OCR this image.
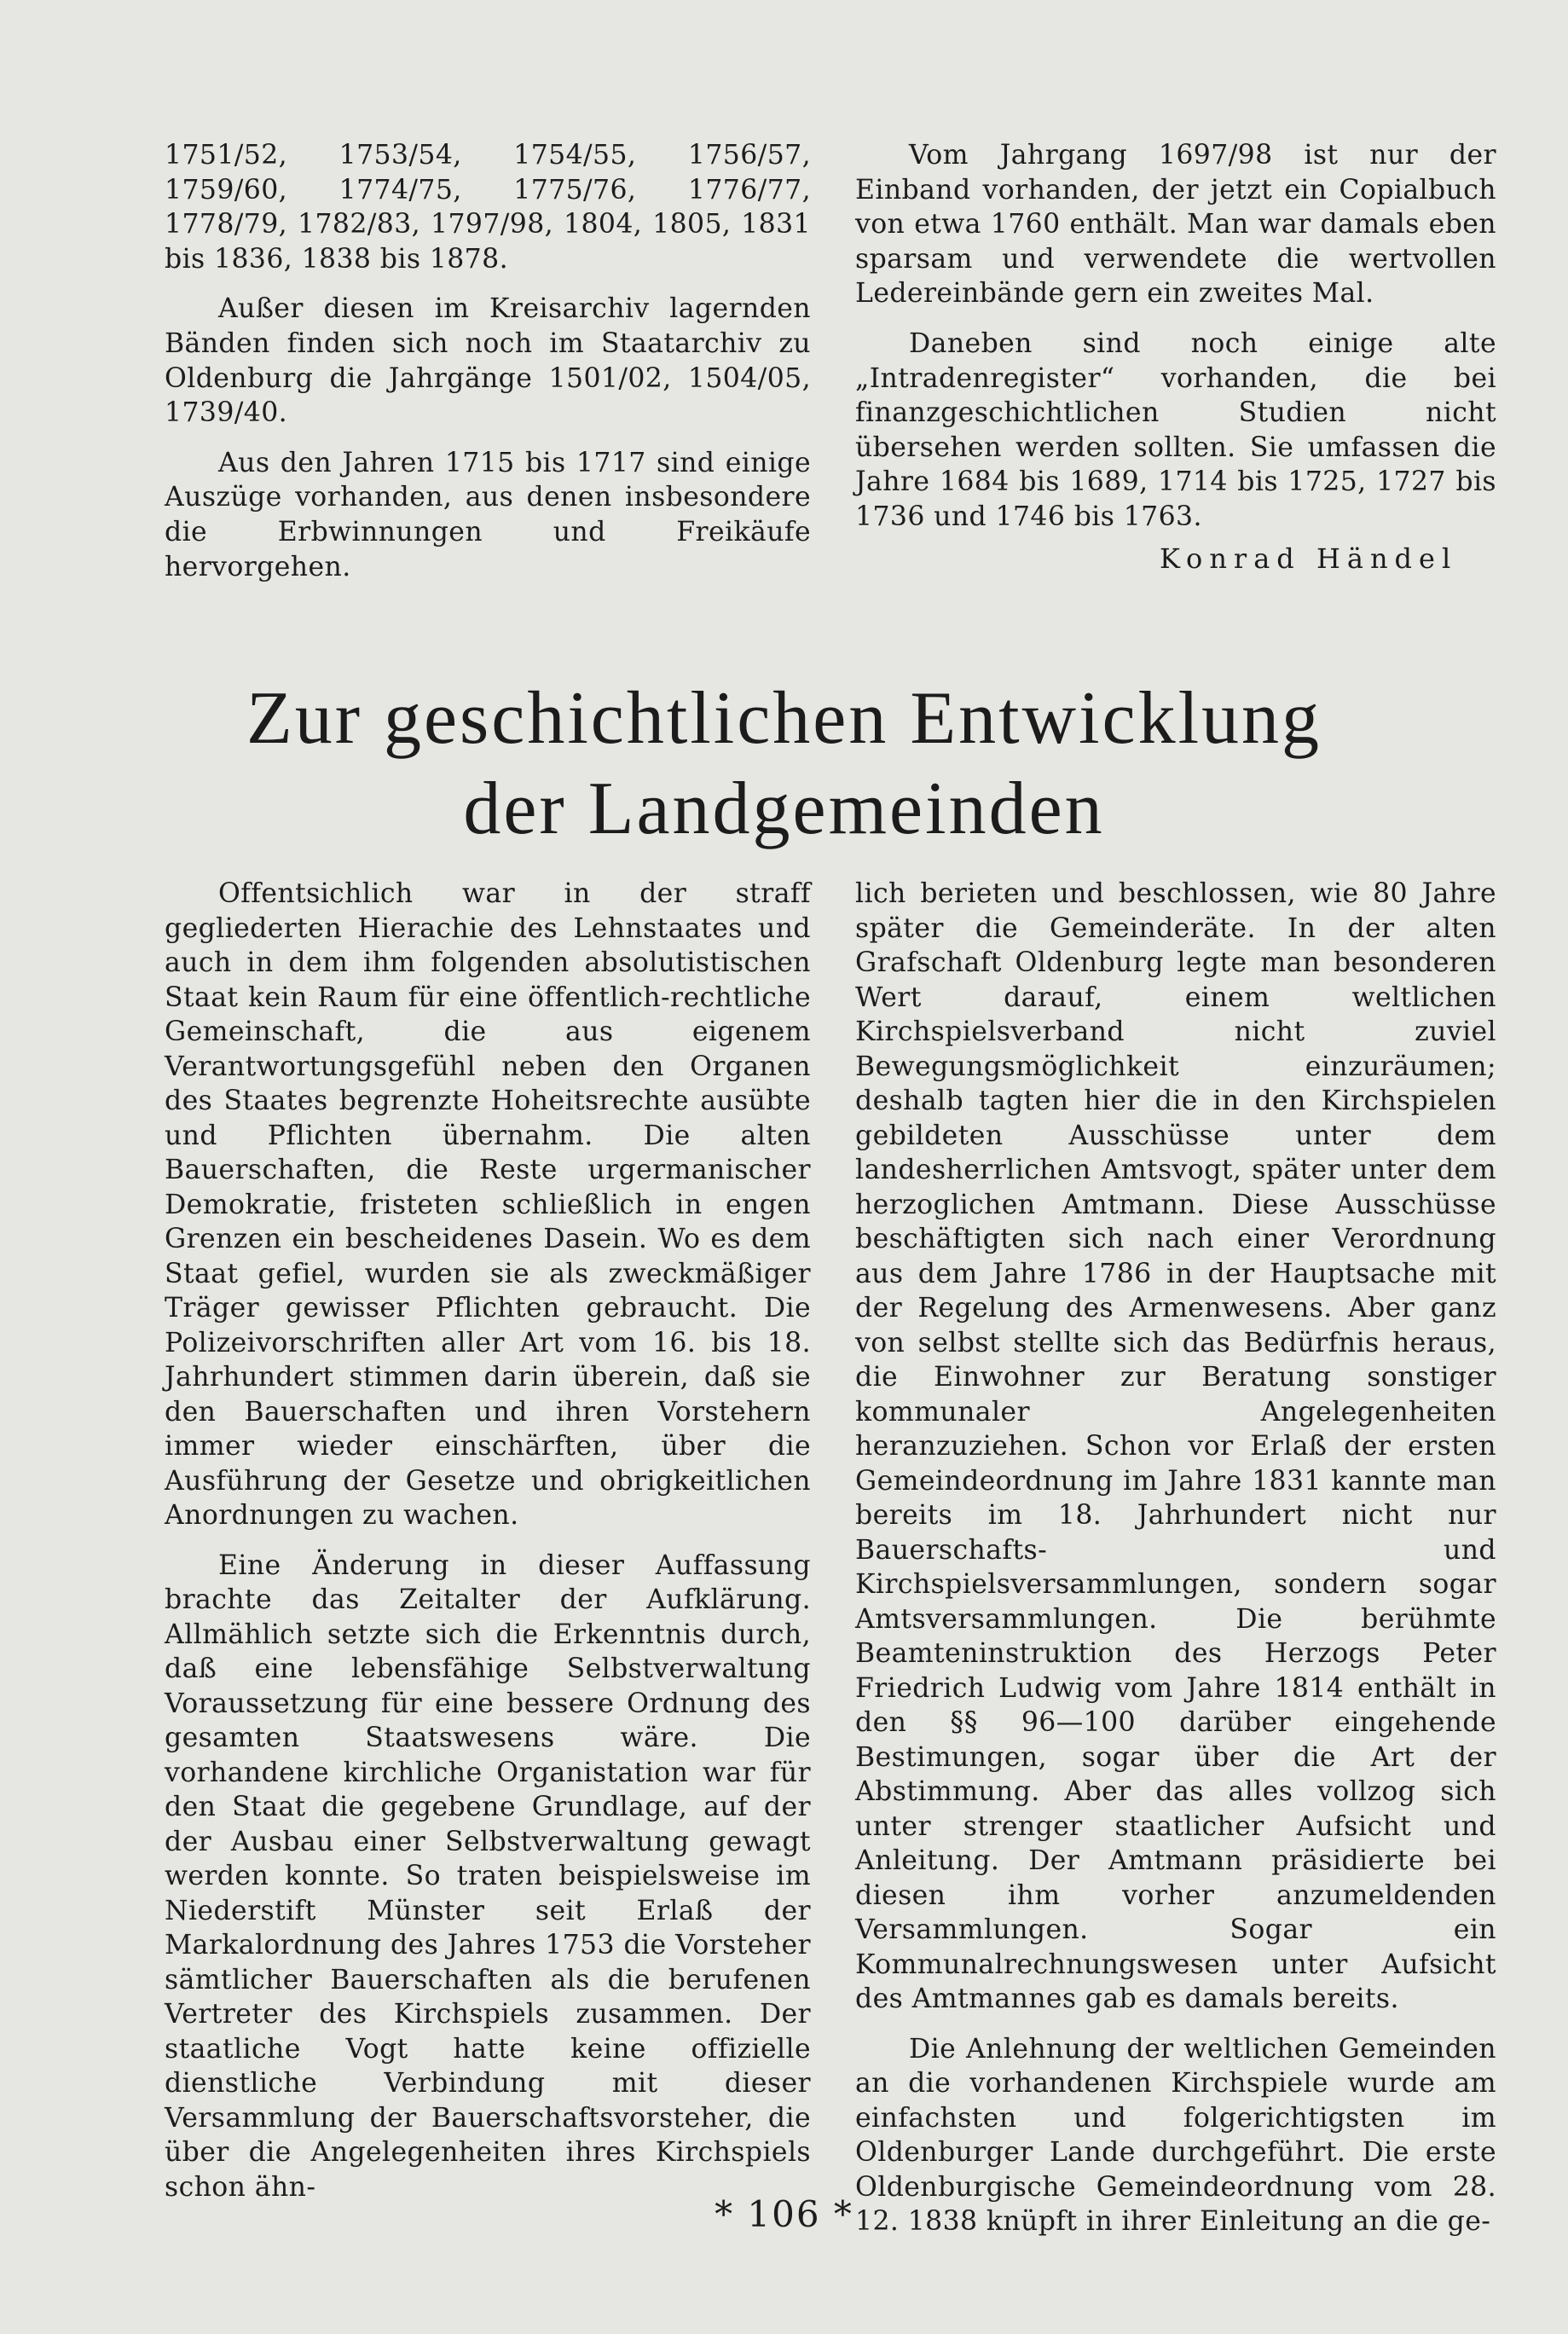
1751/52, 1753/54, 1754/55, 1756/57, 1759/60, 1774/75, 1775/76, 1776/77, 1778/79, 1782/83, 1797/98, 1804, 1805, 1831 bis 1836, 1838 bis 1878.

Außer diesen im Kreisarchiv lagernden Bänden finden sich noch im Staatarchiv zu Oldenburg die Jahrgänge 1501/02, 1504/05, 1739/40.

Aus den Jahren 1715 bis 1717 sind einige Auszüge vorhanden, aus denen insbesondere die Erbwinnungen und Freikäufe hervorgehen.

Vom Jahrgang 1697/98 ist nur der Einband vorhanden, der jetzt ein Copialbuch von etwa 1760 enthält. Man war damals eben sparsam und verwendete die wertvollen Ledereinbände gern ein zweites Mal.

Daneben sind noch einige alte „Intradenregister“ vorhanden, die bei finanzgeschichtlichen Studien nicht übersehen werden sollten. Sie umfassen die Jahre 1684 bis 1689, 1714 bis 1725, 1727 bis 1736 und 1746 bis 1763.

Konrad Händel
Zur geschichtlichen Entwicklung
der Landgemeinden

Offentsichlich war in der straff gegliederten Hierachie des Lehnstaates und auch in dem ihm folgenden absolutistischen Staat kein Raum für eine öffentlich-rechtliche Gemeinschaft, die aus eigenem Verantwortungsgefühl neben den Organen des Staates begrenzte Hoheitsrechte ausübte und Pflichten übernahm. Die alten Bauerschaften, die Reste urgermanischer Demokratie, fristeten schließlich in engen Grenzen ein bescheidenes Dasein. Wo es dem Staat gefiel, wurden sie als zweckmäßiger Träger gewisser Pflichten gebraucht. Die Polizeivorschriften aller Art vom 16. bis 18. Jahrhundert stimmen darin überein, daß sie den Bauerschaften und ihren Vorstehern immer wieder einschärften, über die Ausführung der Gesetze und obrigkeitlichen Anordnungen zu wachen.

Eine Änderung in dieser Auffassung brachte das Zeitalter der Aufklärung. Allmählich setzte sich die Erkenntnis durch, daß eine lebensfähige Selbstverwaltung Voraussetzung für eine bessere Ordnung des gesamten Staatswesens wäre. Die vorhandene kirchliche Organistation war für den Staat die gegebene Grundlage, auf der der Ausbau einer Selbstverwaltung gewagt werden konnte. So traten beispielsweise im Niederstift Münster seit Erlaß der Markalordnung des Jahres 1753 die Vorsteher sämtlicher Bauerschaften als die berufenen Vertreter des Kirchspiels zusammen. Der staatliche Vogt hatte keine offizielle dienstliche Verbindung mit dieser Versammlung der Bauerschaftsvorsteher, die über die Angelegenheiten ihres Kirchspiels schon ähn-

lich berieten und beschlossen, wie 80 Jahre später die Gemeinderäte. In der alten Grafschaft Oldenburg legte man besonderen Wert darauf, einem weltlichen Kirchspielsverband nicht zuviel Bewegungsmöglichkeit einzuräumen; deshalb tagten hier die in den Kirchspielen gebildeten Ausschüsse unter dem landesherrlichen Amtsvogt, später unter dem herzoglichen Amtmann. Diese Ausschüsse beschäftigten sich nach einer Verordnung aus dem Jahre 1786 in der Hauptsache mit der Regelung des Armenwesens. Aber ganz von selbst stellte sich das Bedürfnis heraus, die Einwohner zur Beratung sonstiger kommunaler Angelegenheiten heranzuziehen. Schon vor Erlaß der ersten Gemeindeordnung im Jahre 1831 kannte man bereits im 18. Jahrhundert nicht nur Bauerschafts- und Kirchspielsversammlungen, sondern sogar Amtsversammlungen. Die berühmte Beamteninstruktion des Herzogs Peter Friedrich Ludwig vom Jahre 1814 enthält in den §§ 96—100 darüber eingehende Bestimungen, sogar über die Art der Abstimmung. Aber das alles vollzog sich unter strenger staatlicher Aufsicht und Anleitung. Der Amtmann präsidierte bei diesen ihm vorher anzumeldenden Versammlungen. Sogar ein Kommunalrechnungswesen unter Aufsicht des Amtmannes gab es damals bereits.

Die Anlehnung der weltlichen Gemeinden an die vorhandenen Kirchspiele wurde am einfachsten und folgerichtigsten im Oldenburger Lande durchgeführt. Die erste Oldenburgische Gemeindeordnung vom 28. 12. 1838 knüpft in ihrer Einleitung an die ge-

* 106 *
